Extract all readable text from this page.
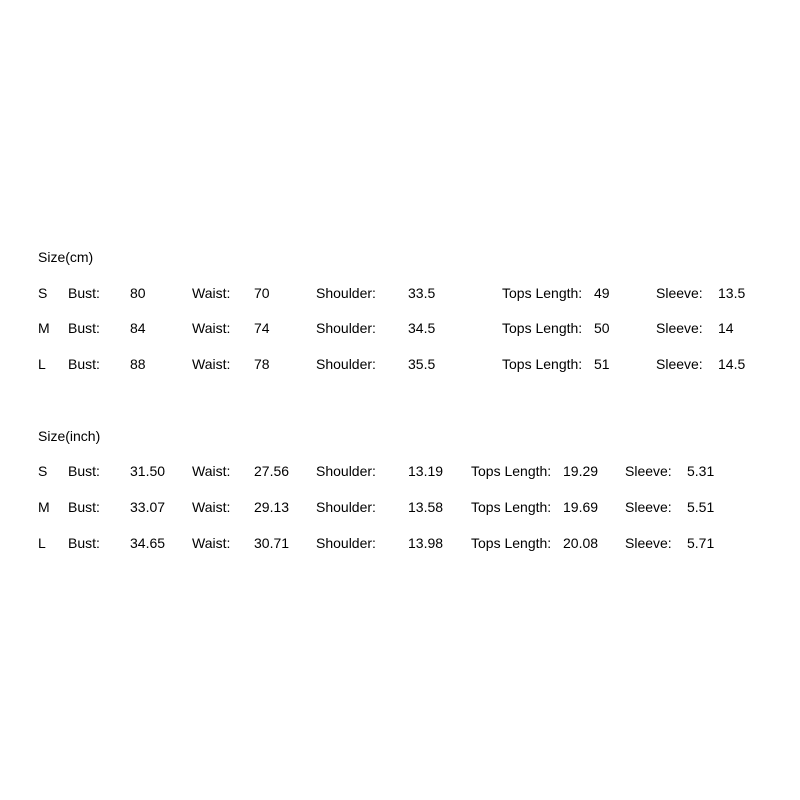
Size(cm)
S Bust: 80	Waist: 70	Shoulder: 33.5	Tops Length: 49	Sleeve: 13.5
M Bust: 84	Waist: 74	Shoulder: 34.5	Tops Length: 50	Sleeve: 14
L Bust: 88	Waist: 78	Shoulder: 35.5	Tops Length: 51	Sleeve: 14.5
Size(inch)
S Bust: 31.50 Waist: 27.56 Shoulder: 13.19 Tops Length: 19.29 Sleeve: 5.31
M Bust: 33.07 Waist: 29.13 Shoulder: 13.58 Tops Length: 19.69 Sleeve: 5.51
L Bust: 34.65 Waist: 30.71 Shoulder: 13.98 Tops Length: 20.08 Sleeve: 5.71
